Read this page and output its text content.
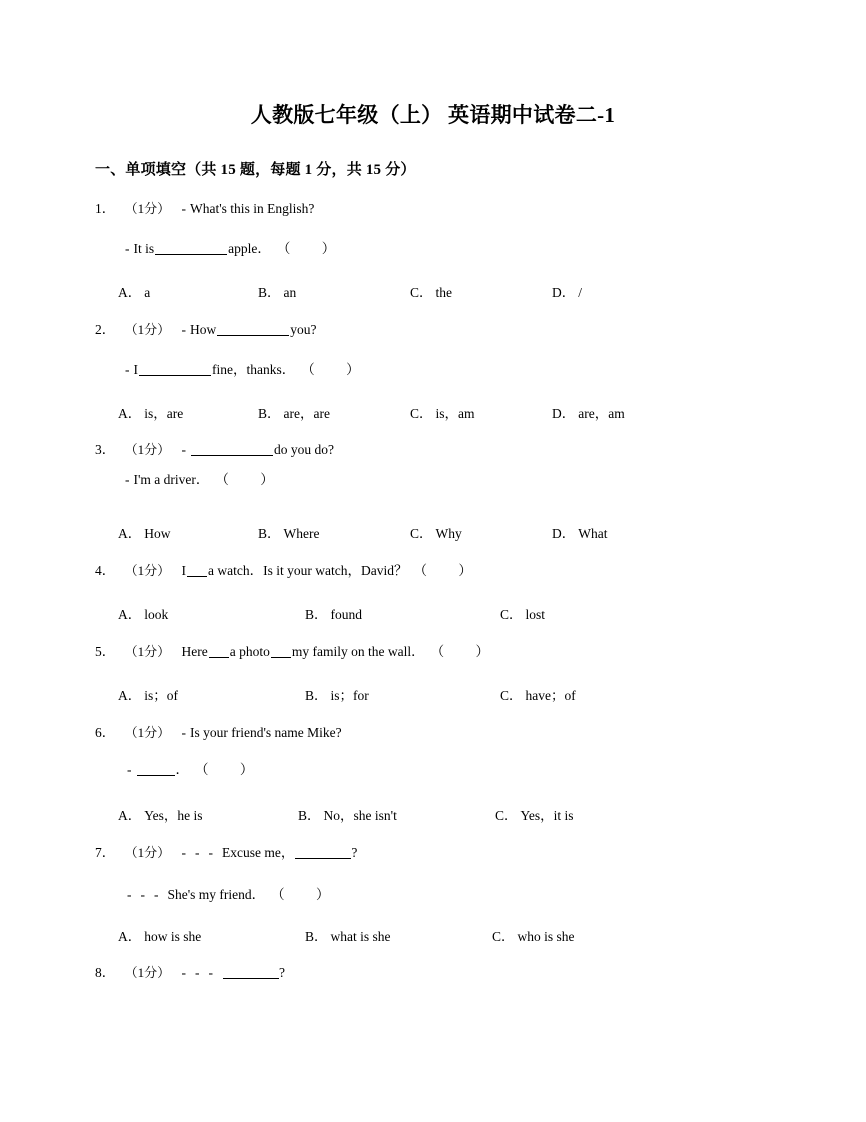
人教版七年级（上） 英语期中试卷二-1
一、单项填空（共 15 题，每题 1 分，共 15 分）
1． （1分） - What's this in English?
- It is	apple． （ ）
A． a	B． an	C． the	D． /
2． （1分） - How	you?
- I	fine，thanks． （ ）
A． is，are	B． are，are	C． is，am	D． are，am
3． （1分） -	do you do?
- I'm a driver． （ ）
A． How	B． Where	C． Why	D． What
4． （1分） I a watch．Is it your watch，David？ （ ）
A． look	B． found	C． lost
5． （1分） Here a photo my family on the wall． （ ）
A． is；of	B． is；for	C． have；of
6． （1分） - Is your friend's name Mike?
-	． （ ）
A． Yes，he is	B． No，she isn't	C． Yes，it is
7． （1分） - - - Excuse me，	?
- - - She's my friend． （ ）
A． how is she	B． what is she	C． who is she
8． （1分） - - -	?
